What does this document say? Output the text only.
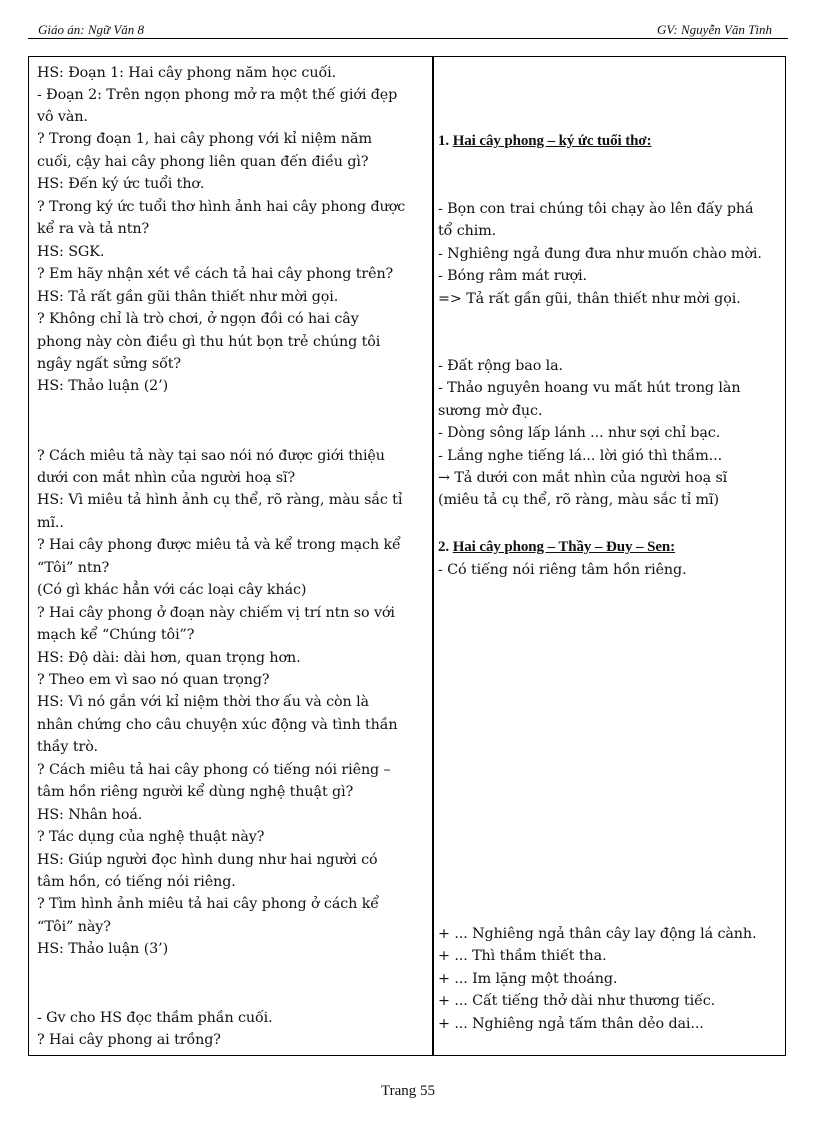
Giáo án: Ngữ Văn 8	GV: Nguyễn Văn Tình
HS: Đoạn 1: Hai cây phong năm học cuối.
- Đoạn 2: Trên ngọn phong mở ra một thế giới đẹp
vô vàn.
? Trong đoạn 1, hai cây phong với kỉ niệm năm
cuối, cậy hai cây phong liên quan đến điều gì?
HS: Đến ký ức tuổi thơ.
? Trong ký ức tuổi thơ hình ảnh hai cây phong được
kể ra và tả ntn?
HS: SGK.
? Em hãy nhận xét về cách tả hai cây phong trên?
HS: Tả rất gần gũi thân thiết như mời gọi.
? Không chỉ là trò chơi, ở ngọn đồi có hai cây
phong này còn điều gì thu hút bọn trẻ chúng tôi
ngây ngất sửng sốt?
HS: Thảo luận (2’)
? Cách miêu tả này tại sao nói nó được giới thiệu
dưới con mắt nhìn của người hoạ sĩ?
HS: Vì miêu tả hình ảnh cụ thể, rõ ràng, màu sắc tỉ
mĩ..
? Hai cây phong được miêu tả và kể trong mạch kể
“Tôi” ntn?
(Có gì khác hẳn với các loại cây khác)
? Hai cây phong ở đoạn này chiếm vị trí ntn so với
mạch kể “Chúng tôi”?
HS: Độ dài: dài hơn, quan trọng hơn.
? Theo em vì sao nó quan trọng?
HS: Vì nó gắn với kỉ niệm thời thơ ấu và còn là
nhân chứng cho câu chuyện xúc động và tình thần
thầy trò.
? Cách miêu tả hai cây phong có tiếng nói riêng –
tâm hồn riêng người kể dùng nghệ thuật gì?
HS: Nhân hoá.
? Tác dụng của nghệ thuật này?
HS: Giúp người đọc hình dung như hai người có
tâm hồn, có tiếng nói riêng.
? Tìm hình ảnh miêu tả hai cây phong ở cách kể
“Tôi” này?
HS: Thảo luận (3’)
- Gv cho HS đọc thầm phần cuối.
? Hai cây phong ai trồng?
1. Hai cây phong – ký ức tuổi thơ:
- Bọn con trai chúng tôi chạy ào lên đấy phá
tổ chim.
- Nghiêng ngả đung đưa như muốn chào mời.
- Bóng râm mát rượi.
=> Tả rất gần gũi, thân thiết như mời gọi.
- Đất rộng bao la.
- Thảo nguyên hoang vu mất hút trong làn
sương mờ đục.
- Dòng sông lấp lánh ... như sợi chỉ bạc.
- Lắng nghe tiếng lá... lời gió thì thầm...
→ Tả dưới con mắt nhìn của người hoạ sĩ
(miêu tả cụ thể, rõ ràng, màu sắc tỉ mĩ)
2. Hai cây phong – Thầy – Đuy – Sen:
- Có tiếng nói riêng tâm hồn riêng.
+ ... Nghiêng ngả thân cây lay động lá cành.
+ ... Thì thầm thiết tha.
+ ... Im lặng một thoáng.
+ ... Cất tiếng thở dài như thương tiếc.
+ ... Nghiêng ngả tấm thân dẻo dai...
Trang 55
